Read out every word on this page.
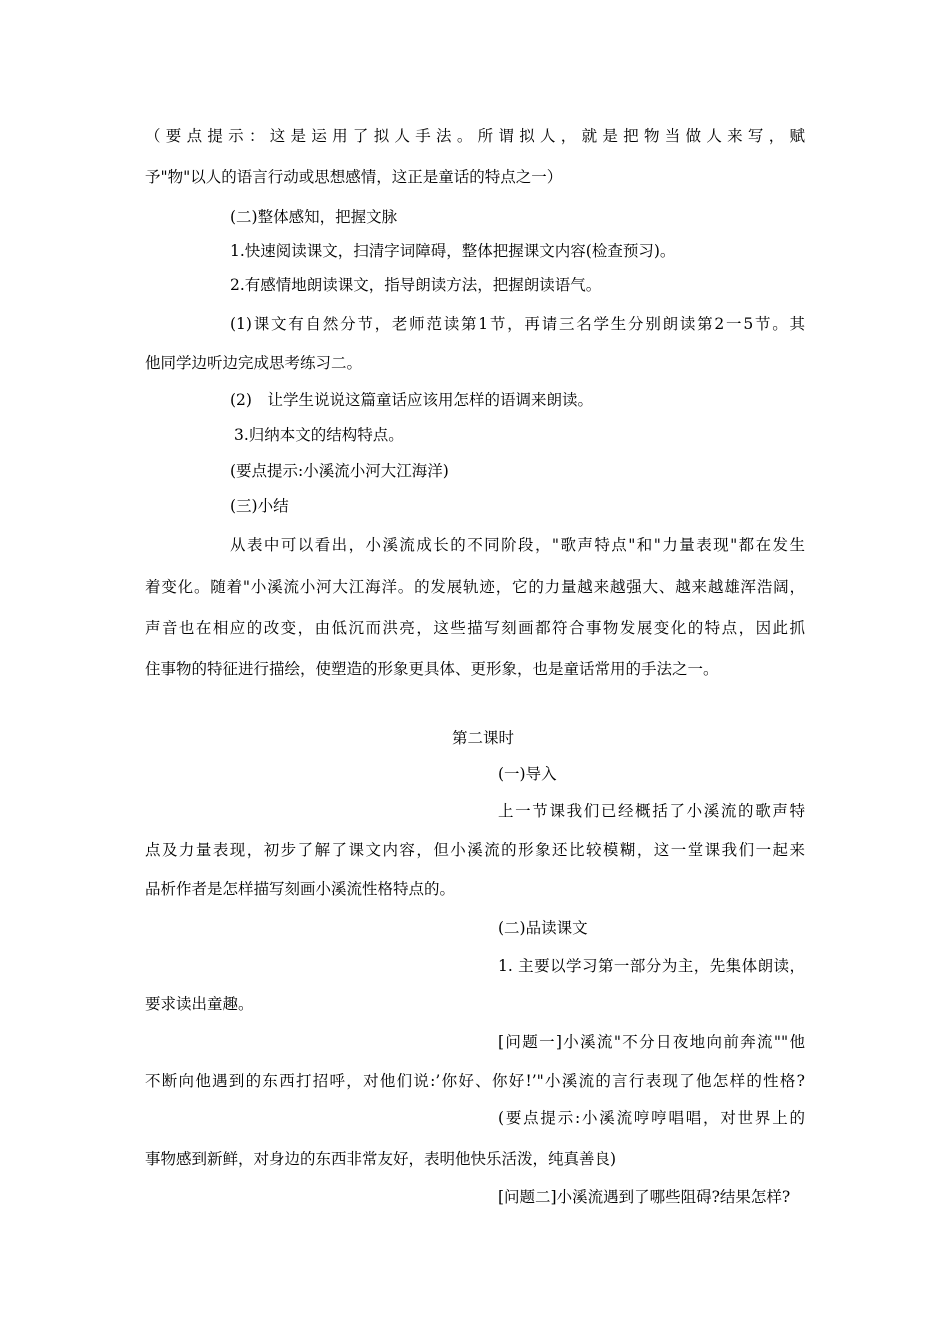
（要点提示：这是运用了拟人手法。所谓拟人，就是把物当做人来写，赋
予"物"以人的语言行动或思想感情，这正是童话的特点之一）
(二)整体感知，把握文脉
1.快速阅读课文，扫清字词障碍，整体把握课文内容(检查预习)。
2.有感情地朗读课文，指导朗读方法，把握朗读语气。
(1)课文有自然分节，老师范读第1节，再请三名学生分别朗读第2一5节。其
他同学边听边完成思考练习二。
(2)　让学生说说这篇童话应该用怎样的语调来朗读。
3.归纳本文的结构特点。
(要点提示:小溪流小河大江海洋)
(三)小结
从表中可以看出，小溪流成长的不同阶段，"歌声特点"和"力量表现"都在发生
着变化。随着"小溪流小河大江海洋。的发展轨迹，它的力量越来越强大、越来越雄浑浩阔，
声音也在相应的改变，由低沉而洪亮，这些描写刻画都符合事物发展变化的特点，因此抓
住事物的特征进行描绘，使塑造的形象更具体、更形象，也是童话常用的手法之一。
第二课时
(一)导入
上一节课我们已经概括了小溪流的歌声特
点及力量表现，初步了解了课文内容，但小溪流的形象还比较模糊，这一堂课我们一起来
品析作者是怎样描写刻画小溪流性格特点的。
(二)品读课文
1. 主要以学习第一部分为主，先集体朗读，
要求读出童趣。
[问题一]小溪流"不分日夜地向前奔流""他
不断向他遇到的东西打招呼，对他们说:’你好、你好!’"小溪流的言行表现了他怎样的性格?
(要点提示:小溪流哼哼唱唱，对世界上的
事物感到新鲜，对身边的东西非常友好，表明他快乐活泼，纯真善良)
[问题二]小溪流遇到了哪些阻碍?结果怎样?
